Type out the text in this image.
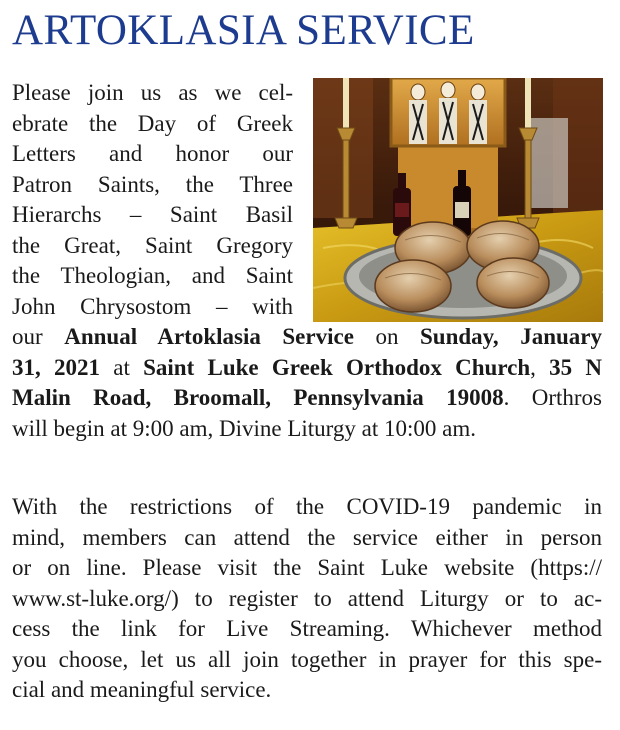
ARTOKLASIA SERVICE
Please join us as we cel-
ebrate the Day of Greek
Letters and honor our
Patron Saints, the Three
Hierarchs – Saint Basil
the Great, Saint Gregory
the Theologian, and Saint
John Chrysostom – with
our Annual Artoklasia Service on Sunday, January
31, 2021 at Saint Luke Greek Orthodox Church, 35 N
Malin Road, Broomall, Pennsylvania 19008. Orthros
will begin at 9:00 am, Divine Liturgy at 10:00 am.
With the restrictions of the COVID-19 pandemic in
mind, members can attend the service either in person
or on line. Please visit the Saint Luke website (https://
www.st-luke.org/) to register to attend Liturgy or to ac-
cess the link for Live Streaming. Whichever method
you choose, let us all join together in prayer for this spe-
cial and meaningful service.
